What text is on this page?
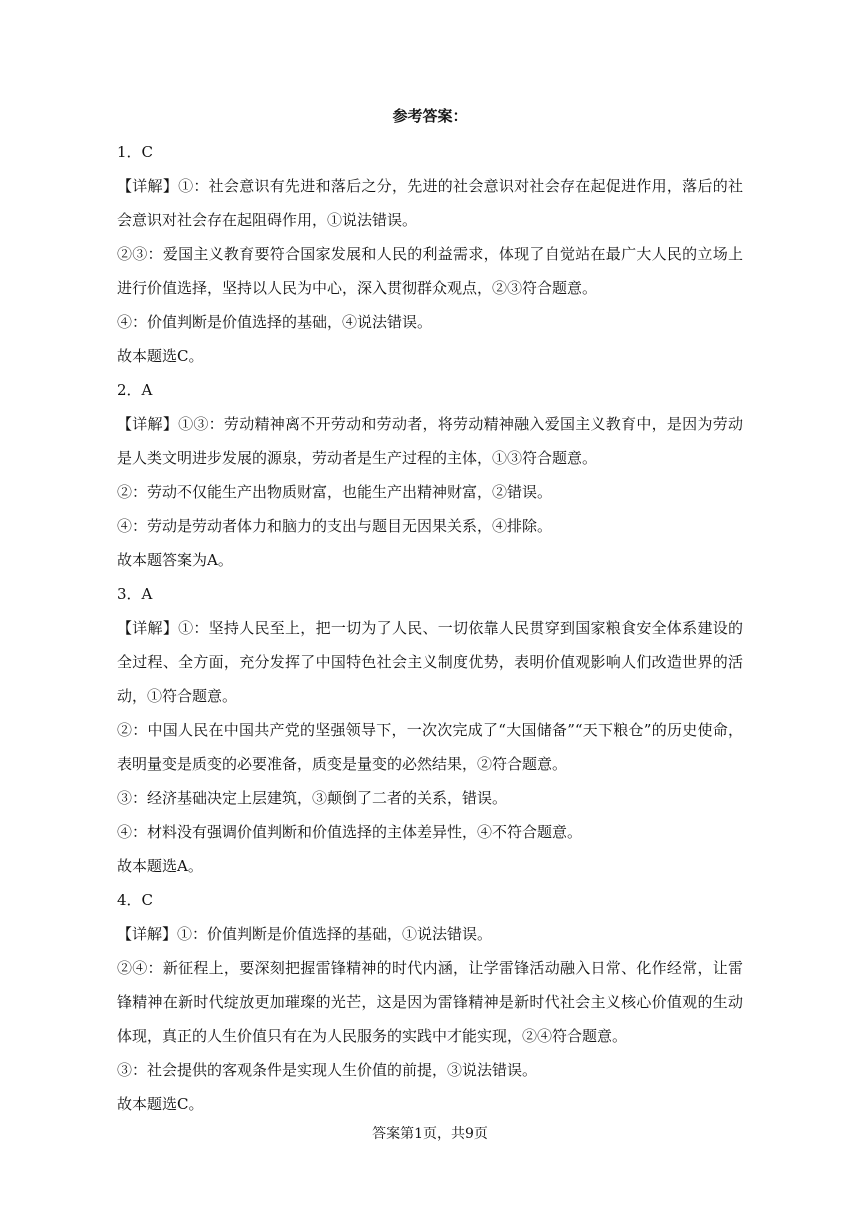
参考答案：

1．C

【详解】①：社会意识有先进和落后之分，先进的社会意识对社会存在起促进作用，落后的社会意识对社会存在起阻碍作用，①说法错误。

②③：爱国主义教育要符合国家发展和人民的利益需求，体现了自觉站在最广大人民的立场上进行价值选择，坚持以人民为中心，深入贯彻群众观点，②③符合题意。

④：价值判断是价值选择的基础，④说法错误。

故本题选C。

2．A

【详解】①③：劳动精神离不开劳动和劳动者，将劳动精神融入爱国主义教育中，是因为劳动是人类文明进步发展的源泉，劳动者是生产过程的主体，①③符合题意。

②：劳动不仅能生产出物质财富，也能生产出精神财富，②错误。

④：劳动是劳动者体力和脑力的支出与题目无因果关系，④排除。

故本题答案为A。

3．A

【详解】①：坚持人民至上，把一切为了人民、一切依靠人民贯穿到国家粮食安全体系建设的全过程、全方面，充分发挥了中国特色社会主义制度优势，表明价值观影响人们改造世界的活动，①符合题意。

②：中国人民在中国共产党的坚强领导下，一次次完成了“大国储备”“天下粮仓”的历史使命，表明量变是质变的必要准备，质变是量变的必然结果，②符合题意。

③：经济基础决定上层建筑，③颠倒了二者的关系，错误。

④：材料没有强调价值判断和价值选择的主体差异性，④不符合题意。

故本题选A。

4．C

【详解】①：价值判断是价值选择的基础，①说法错误。

②④：新征程上，要深刻把握雷锋精神的时代内涵，让学雷锋活动融入日常、化作经常，让雷锋精神在新时代绽放更加璀璨的光芒，这是因为雷锋精神是新时代社会主义核心价值观的生动体现，真正的人生价值只有在为人民服务的实践中才能实现，②④符合题意。

③：社会提供的客观条件是实现人生价值的前提，③说法错误。

故本题选C。

答案第1页，共9页
